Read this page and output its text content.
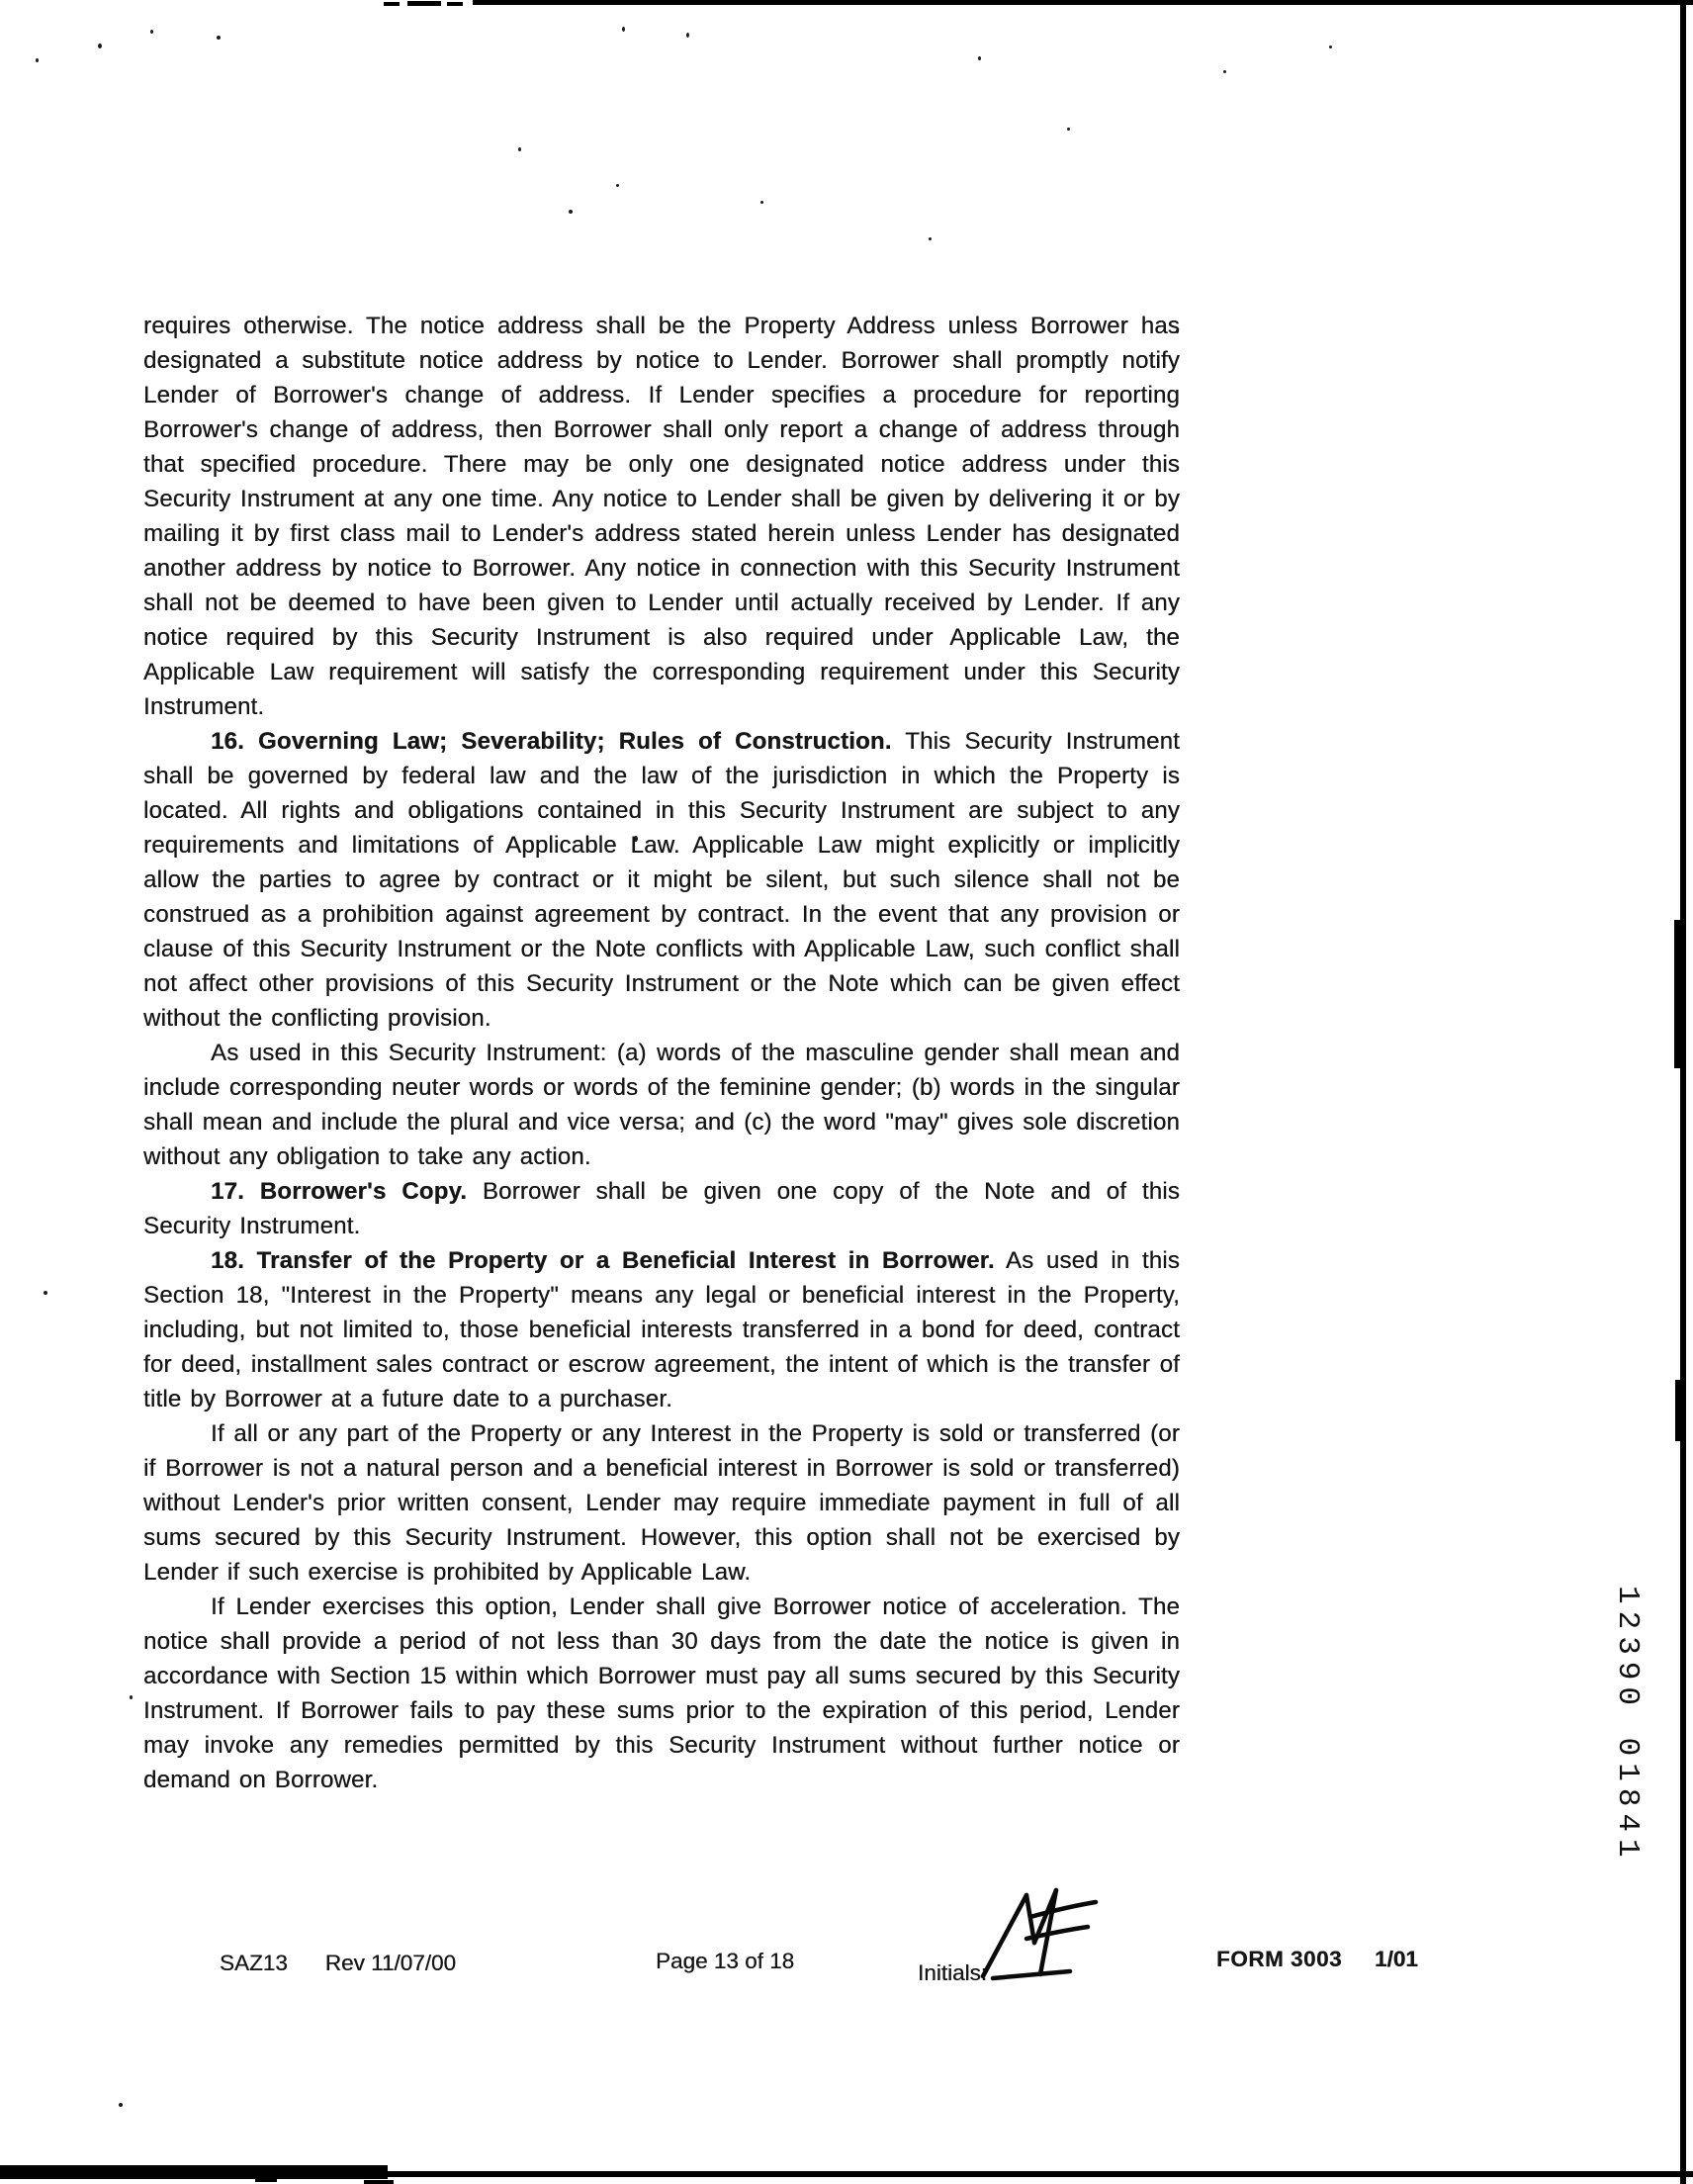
requires otherwise. The notice address shall be the Property Address unless Borrower has designated a substitute notice address by notice to Lender. Borrower shall promptly notify Lender of Borrower's change of address. If Lender specifies a procedure for reporting Borrower's change of address, then Borrower shall only report a change of address through that specified procedure. There may be only one designated notice address under this Security Instrument at any one time. Any notice to Lender shall be given by delivering it or by mailing it by first class mail to Lender's address stated herein unless Lender has designated another address by notice to Borrower. Any notice in connection with this Security Instrument shall not be deemed to have been given to Lender until actually received by Lender. If any notice required by this Security Instrument is also required under Applicable Law, the Applicable Law requirement will satisfy the corresponding requirement under this Security Instrument.

16. Governing Law; Severability; Rules of Construction. This Security Instrument shall be governed by federal law and the law of the jurisdiction in which the Property is located. All rights and obligations contained in this Security Instrument are subject to any requirements and limitations of Applicable Law. Applicable Law might explicitly or implicitly allow the parties to agree by contract or it might be silent, but such silence shall not be construed as a prohibition against agreement by contract. In the event that any provision or clause of this Security Instrument or the Note conflicts with Applicable Law, such conflict shall not affect other provisions of this Security Instrument or the Note which can be given effect without the conflicting provision.

As used in this Security Instrument: (a) words of the masculine gender shall mean and include corresponding neuter words or words of the feminine gender; (b) words in the singular shall mean and include the plural and vice versa; and (c) the word "may" gives sole discretion without any obligation to take any action.

17. Borrower's Copy. Borrower shall be given one copy of the Note and of this Security Instrument.

18. Transfer of the Property or a Beneficial Interest in Borrower. As used in this Section 18, "Interest in the Property" means any legal or beneficial interest in the Property, including, but not limited to, those beneficial interests transferred in a bond for deed, contract for deed, installment sales contract or escrow agreement, the intent of which is the transfer of title by Borrower at a future date to a purchaser.

If all or any part of the Property or any Interest in the Property is sold or transferred (or if Borrower is not a natural person and a beneficial interest in Borrower is sold or transferred) without Lender's prior written consent, Lender may require immediate payment in full of all sums secured by this Security Instrument. However, this option shall not be exercised by Lender if such exercise is prohibited by Applicable Law.

If Lender exercises this option, Lender shall give Borrower notice of acceleration. The notice shall provide a period of not less than 30 days from the date the notice is given in accordance with Section 15 within which Borrower must pay all sums secured by this Security Instrument. If Borrower fails to pay these sums prior to the expiration of this period, Lender may invoke any remedies permitted by this Security Instrument without further notice or demand on Borrower.

SAZ13 Rev 11/07/00	Page 13 of 18	Initials:
FORM 3003 1/01
12390 01841
